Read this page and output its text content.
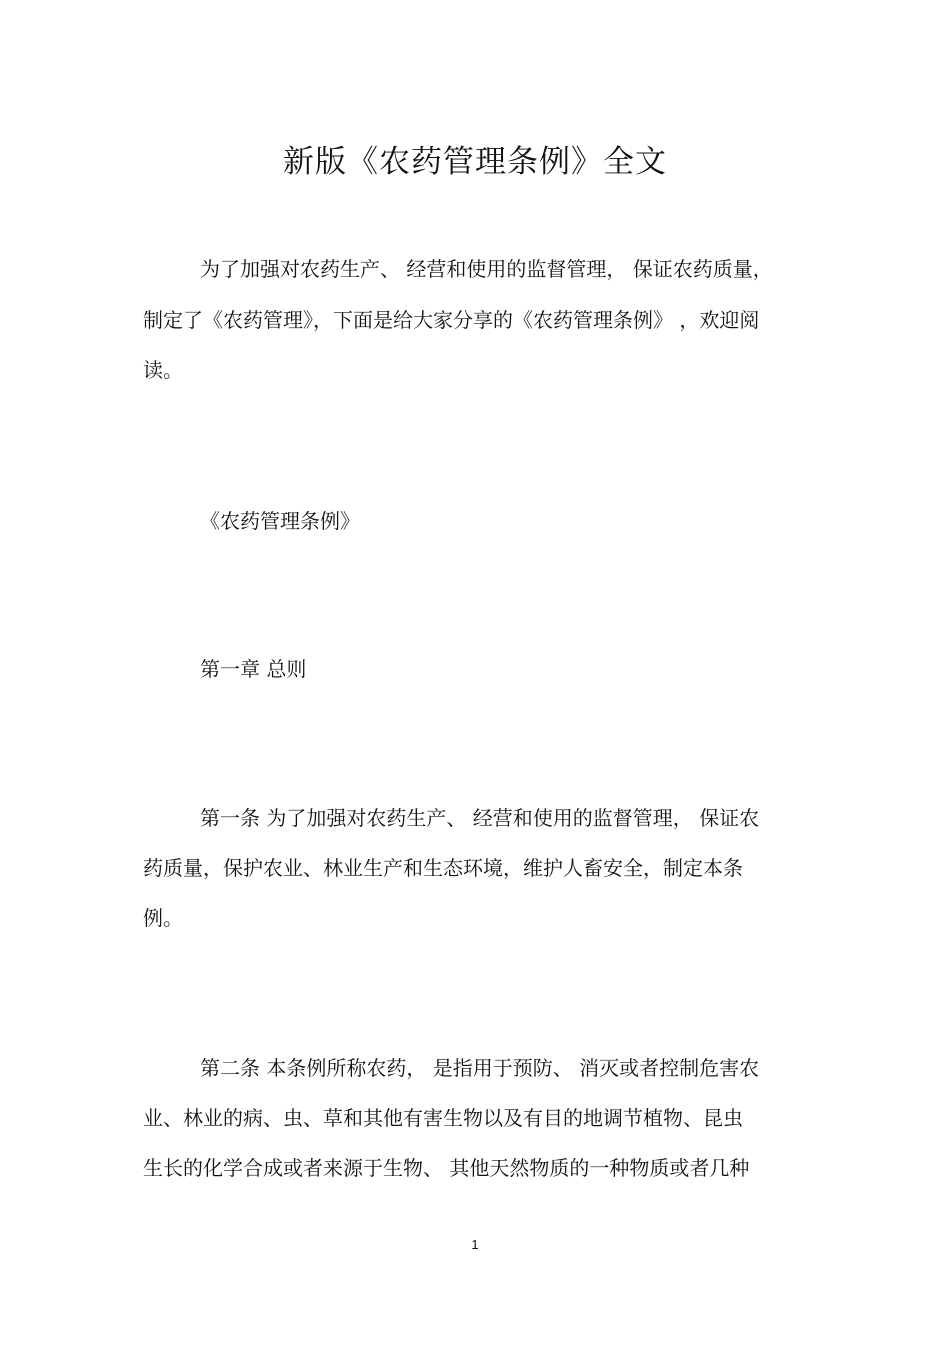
新版《农药管理条例》全文
为了加强对农药生产、 经营和使用的监督管理， 保证农药质量，
制定了《农药管理》，下面是给大家分享的《农药管理条例》 ，欢迎阅
读。
《农药管理条例》
第一章 总则
第一条 为了加强对农药生产、 经营和使用的监督管理， 保证农
药质量，保护农业、林业生产和生态环境，维护人畜安全，制定本条
例。
第二条 本条例所称农药， 是指用于预防、 消灭或者控制危害农
业、林业的病、虫、草和其他有害生物以及有目的地调节植物、昆虫
生长的化学合成或者来源于生物、 其他天然物质的一种物质或者几种
1
